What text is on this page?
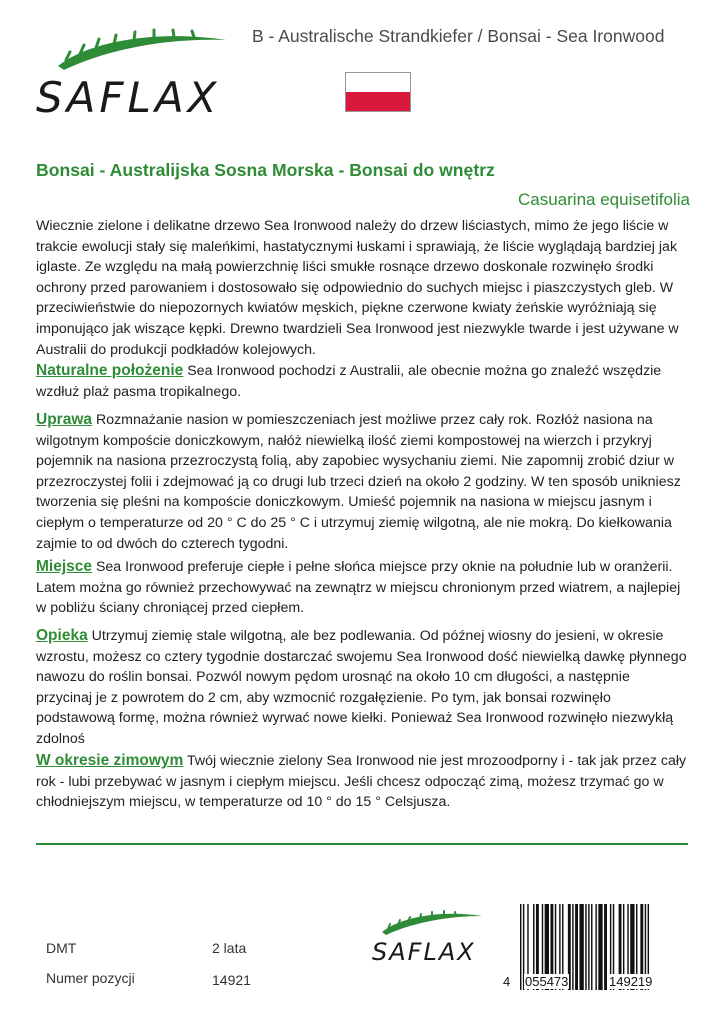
B - Australische Strandkiefer / Bonsai - Sea Ironwood
SAFLAX
Bonsai - Australijska Sosna Morska - Bonsai do wnętrz
Casuarina equisetifolia
Wiecznie zielone i delikatne drzewo Sea Ironwood należy do drzew liściastych, mimo że jego liście w trakcie ewolucji stały się maleńkimi, hastatycznymi łuskami i sprawiają, że liście wyglądają bardziej jak iglaste. Ze względu na małą powierzchnię liści smukłe rosnące drzewo doskonale rozwinęło środki ochrony przed parowaniem i dostosowało się odpowiednio do suchych miejsc i piaszczystych gleb. W przeciwieństwie do niepozornych kwiatów męskich, piękne czerwone kwiaty żeńskie wyróżniają się imponująco jak wiszące kępki. Drewno twardzieli Sea Ironwood jest niezwykle twarde i jest używane w Australii do produkcji podkładów kolejowych.
Naturalne położenie Sea Ironwood pochodzi z Australii, ale obecnie można go znaleźć wszędzie wzdłuż plaż pasma tropikalnego.
Uprawa Rozmnażanie nasion w pomieszczeniach jest możliwe przez cały rok. Rozłóż nasiona na wilgotnym kompoście doniczkowym, nałóż niewielką ilość ziemi kompostowej na wierzch i przykryj pojemnik na nasiona przezroczystą folią, aby zapobiec wysychaniu ziemi. Nie zapomnij zrobić dziur w przezroczystej folii i zdejmować ją co drugi lub trzeci dzień na około 2 godziny. W ten sposób unikniesz tworzenia się pleśni na kompoście doniczkowym. Umieść pojemnik na nasiona w miejscu jasnym i ciepłym o temperaturze od 20 ° C do 25 ° C i utrzymuj ziemię wilgotną, ale nie mokrą. Do kiełkowania zajmie to od dwóch do czterech tygodni.
Miejsce Sea Ironwood preferuje ciepłe i pełne słońca miejsce przy oknie na południe lub w oranżerii. Latem można go również przechowywać na zewnątrz w miejscu chronionym przed wiatrem, a najlepiej w pobliżu ściany chroniącej przed ciepłem.
Opieka Utrzymuj ziemię stale wilgotną, ale bez podlewania. Od późnej wiosny do jesieni, w okresie wzrostu, możesz co cztery tygodnie dostarczać swojemu Sea Ironwood dość niewielką dawkę płynnego nawozu do roślin bonsai. Pozwól nowym pędom urosnąć na około 10 cm długości, a następnie przycinaj je z powrotem do 2 cm, aby wzmocnić rozgałęzienie. Po tym, jak bonsai rozwinęło podstawową formę, można również wyrwać nowe kiełki. Ponieważ Sea Ironwood rozwinęło niezwykłą zdolnoś
W okresie zimowym Twój wiecznie zielony Sea Ironwood nie jest mrozoodporny i - tak jak przez cały rok - lubi przebywać w jasnym i ciepłym miejscu. Jeśli chcesz odpocząć zimą, możesz trzymać go w chłodniejszym miejscu, w temperaturze od 10 ° do 15 ° Celsjusza.
DMT	2 lata
Numer pozycji	14921
SAFLAX
4 055473	149219
